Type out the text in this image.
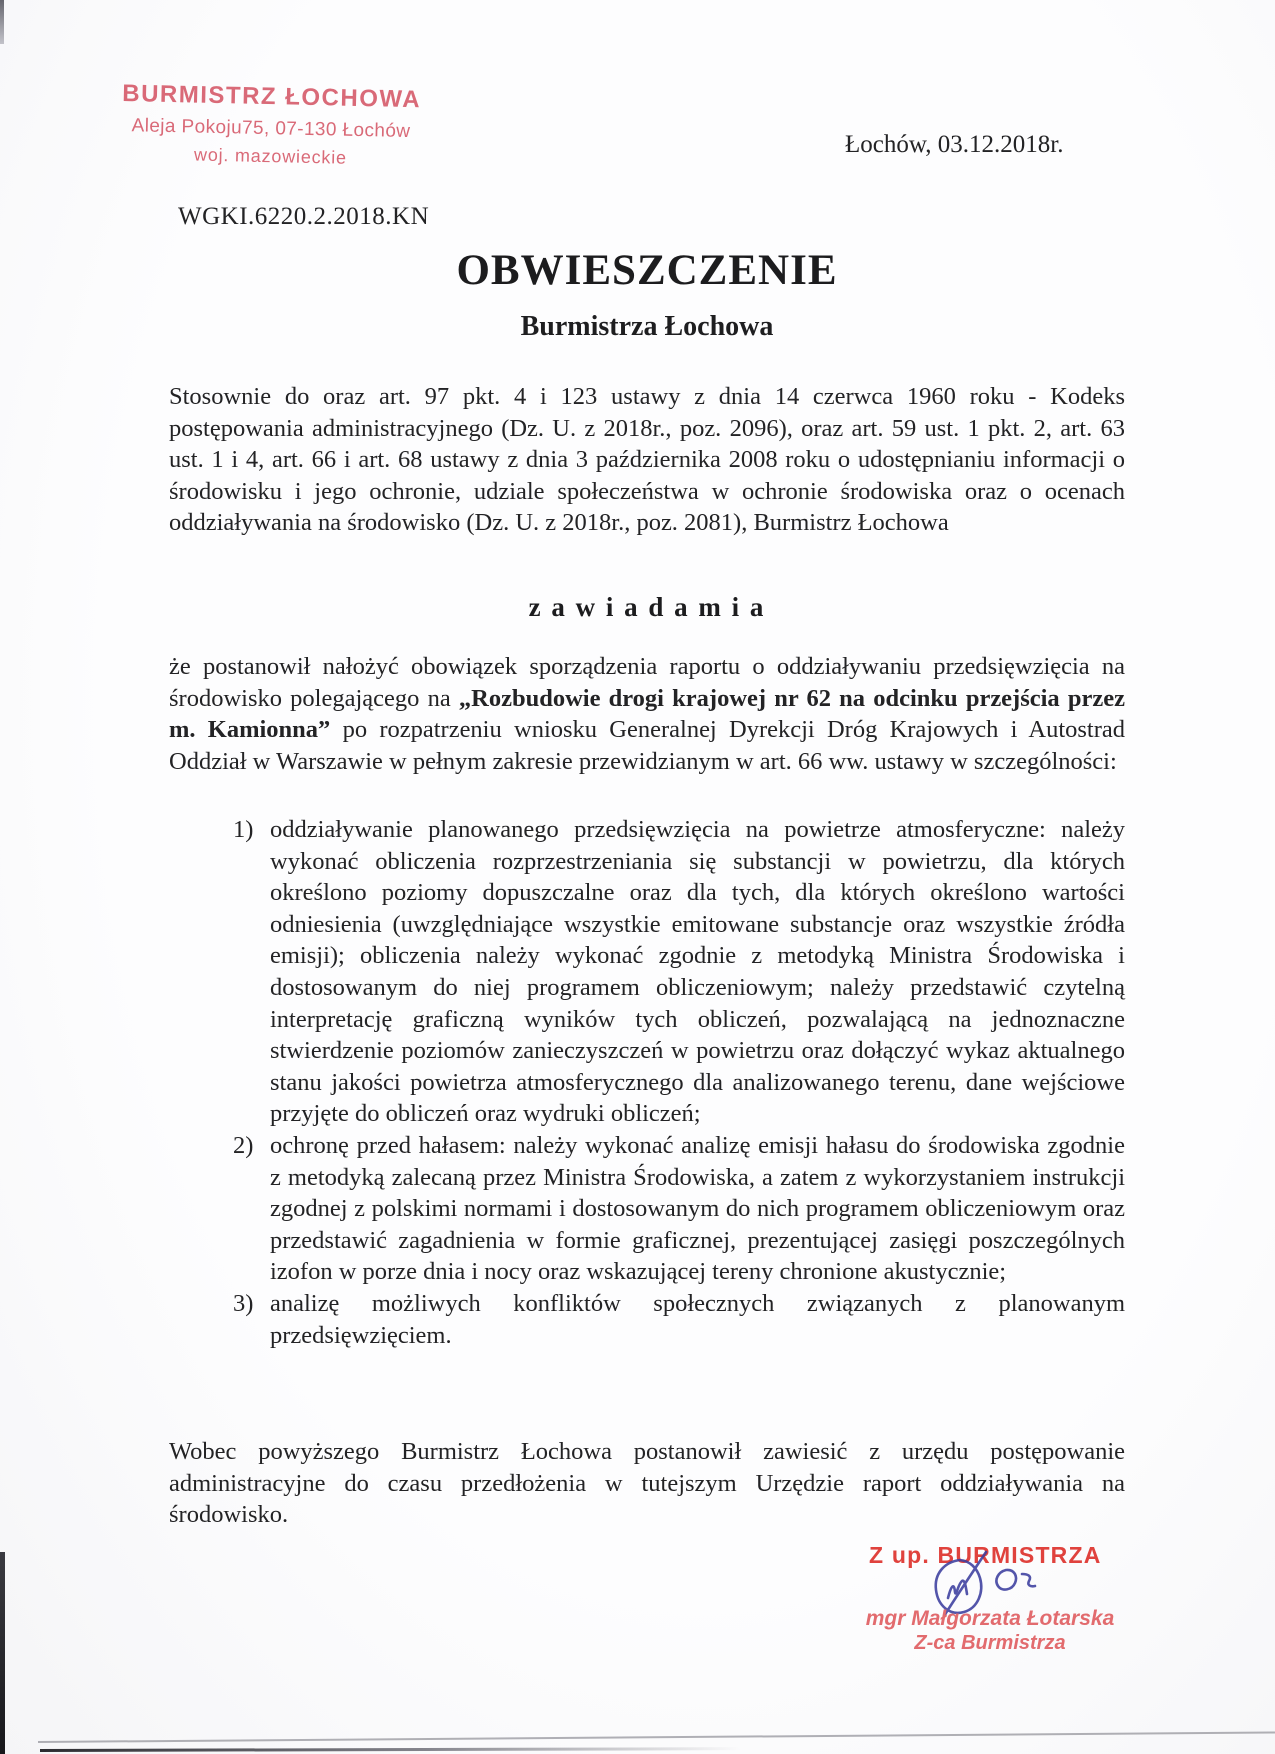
BURMISTRZ ŁOCHOWA
Aleja Pokoju75, 07-130 Łochów
woj. mazowieckie	Łochów, 03.12.2018r.
WGKI.6220.2.2018.KN
OBWIESZCZENIE
Burmistrza Łochowa
Stosownie do oraz art. 97 pkt. 4 i 123 ustawy z dnia 14 czerwca 1960 roku - Kodeks postępowania administracyjnego (Dz. U. z 2018r., poz. 2096), oraz art. 59 ust. 1 pkt. 2, art. 63 ust. 1 i 4, art. 66 i art. 68 ustawy z dnia 3 października 2008 roku o udostępnianiu informacji o środowisku i jego ochronie, udziale społeczeństwa w ochronie środowiska oraz o ocenach oddziaływania na środowisko (Dz. U. z 2018r., poz. 2081), Burmistrz Łochowa
z a w i a d a m i a
że postanowił nałożyć obowiązek sporządzenia raportu o oddziaływaniu przedsięwzięcia na środowisko polegającego na „Rozbudowie drogi krajowej nr 62 na odcinku przejścia przez m. Kamionna” po rozpatrzeniu wniosku Generalnej Dyrekcji Dróg Krajowych i Autostrad Oddział w Warszawie w pełnym zakresie przewidzianym w art. 66 ww. ustawy w szczególności:
1) oddziaływanie planowanego przedsięwzięcia na powietrze atmosferyczne: należy wykonać obliczenia rozprzestrzeniania się substancji w powietrzu, dla których określono poziomy dopuszczalne oraz dla tych, dla których określono wartości odniesienia (uwzględniające wszystkie emitowane substancje oraz wszystkie źródła emisji); obliczenia należy wykonać zgodnie z metodyką Ministra Środowiska i dostosowanym do niej programem obliczeniowym; należy przedstawić czytelną interpretację graficzną wyników tych obliczeń, pozwalającą na jednoznaczne stwierdzenie poziomów zanieczyszczeń w powietrzu oraz dołączyć wykaz aktualnego stanu jakości powietrza atmosferycznego dla analizowanego terenu, dane wejściowe przyjęte do obliczeń oraz wydruki obliczeń;
2) ochronę przed hałasem: należy wykonać analizę emisji hałasu do środowiska zgodnie z metodyką zalecaną przez Ministra Środowiska, a zatem z wykorzystaniem instrukcji zgodnej z polskimi normami i dostosowanym do nich programem obliczeniowym oraz przedstawić zagadnienia w formie graficznej, prezentującej zasięgi poszczególnych izofon w porze dnia i nocy oraz wskazującej tereny chronione akustycznie;
3) analizę możliwych konfliktów społecznych związanych z planowanym przedsięwzięciem.
Wobec powyższego Burmistrz Łochowa postanowił zawiesić z urzędu postępowanie administracyjne do czasu przedłożenia w tutejszym Urzędzie raport oddziaływania na środowisko.
Z up. BURMISTRZA
mgr Małgorzata Łotarska
Z-ca Burmistrza
